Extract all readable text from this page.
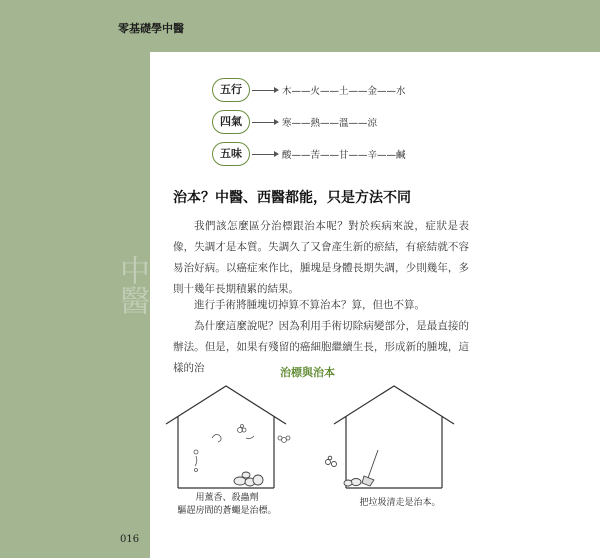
中醫
零基礎學中醫
五行	木——火——土——金——水
四氣	寒——熱——溫——涼
五味	酸——苦——甘——辛——鹹
治本？中醫、西醫都能，只是方法不同
我們該怎麼區分治標跟治本呢？對於疾病來說，症狀是表像，失調才是本質。失調久了又會產生新的瘀結，有瘀結就不容易治好病。以癌症來作比，腫塊是身體長期失調，少則幾年，多則十幾年長期積累的結果。
進行手術將腫塊切掉算不算治本？算，但也不算。
為什麼這麼說呢？因為利用手術切除病變部分，是最直接的辦法。但是，如果有殘留的癌細胞繼續生長，形成新的腫塊，這樣的治	治標與治本
用薰香、殺蟲劑
驅趕房間的蒼蠅是治標。
把垃圾清走是治本。
016
